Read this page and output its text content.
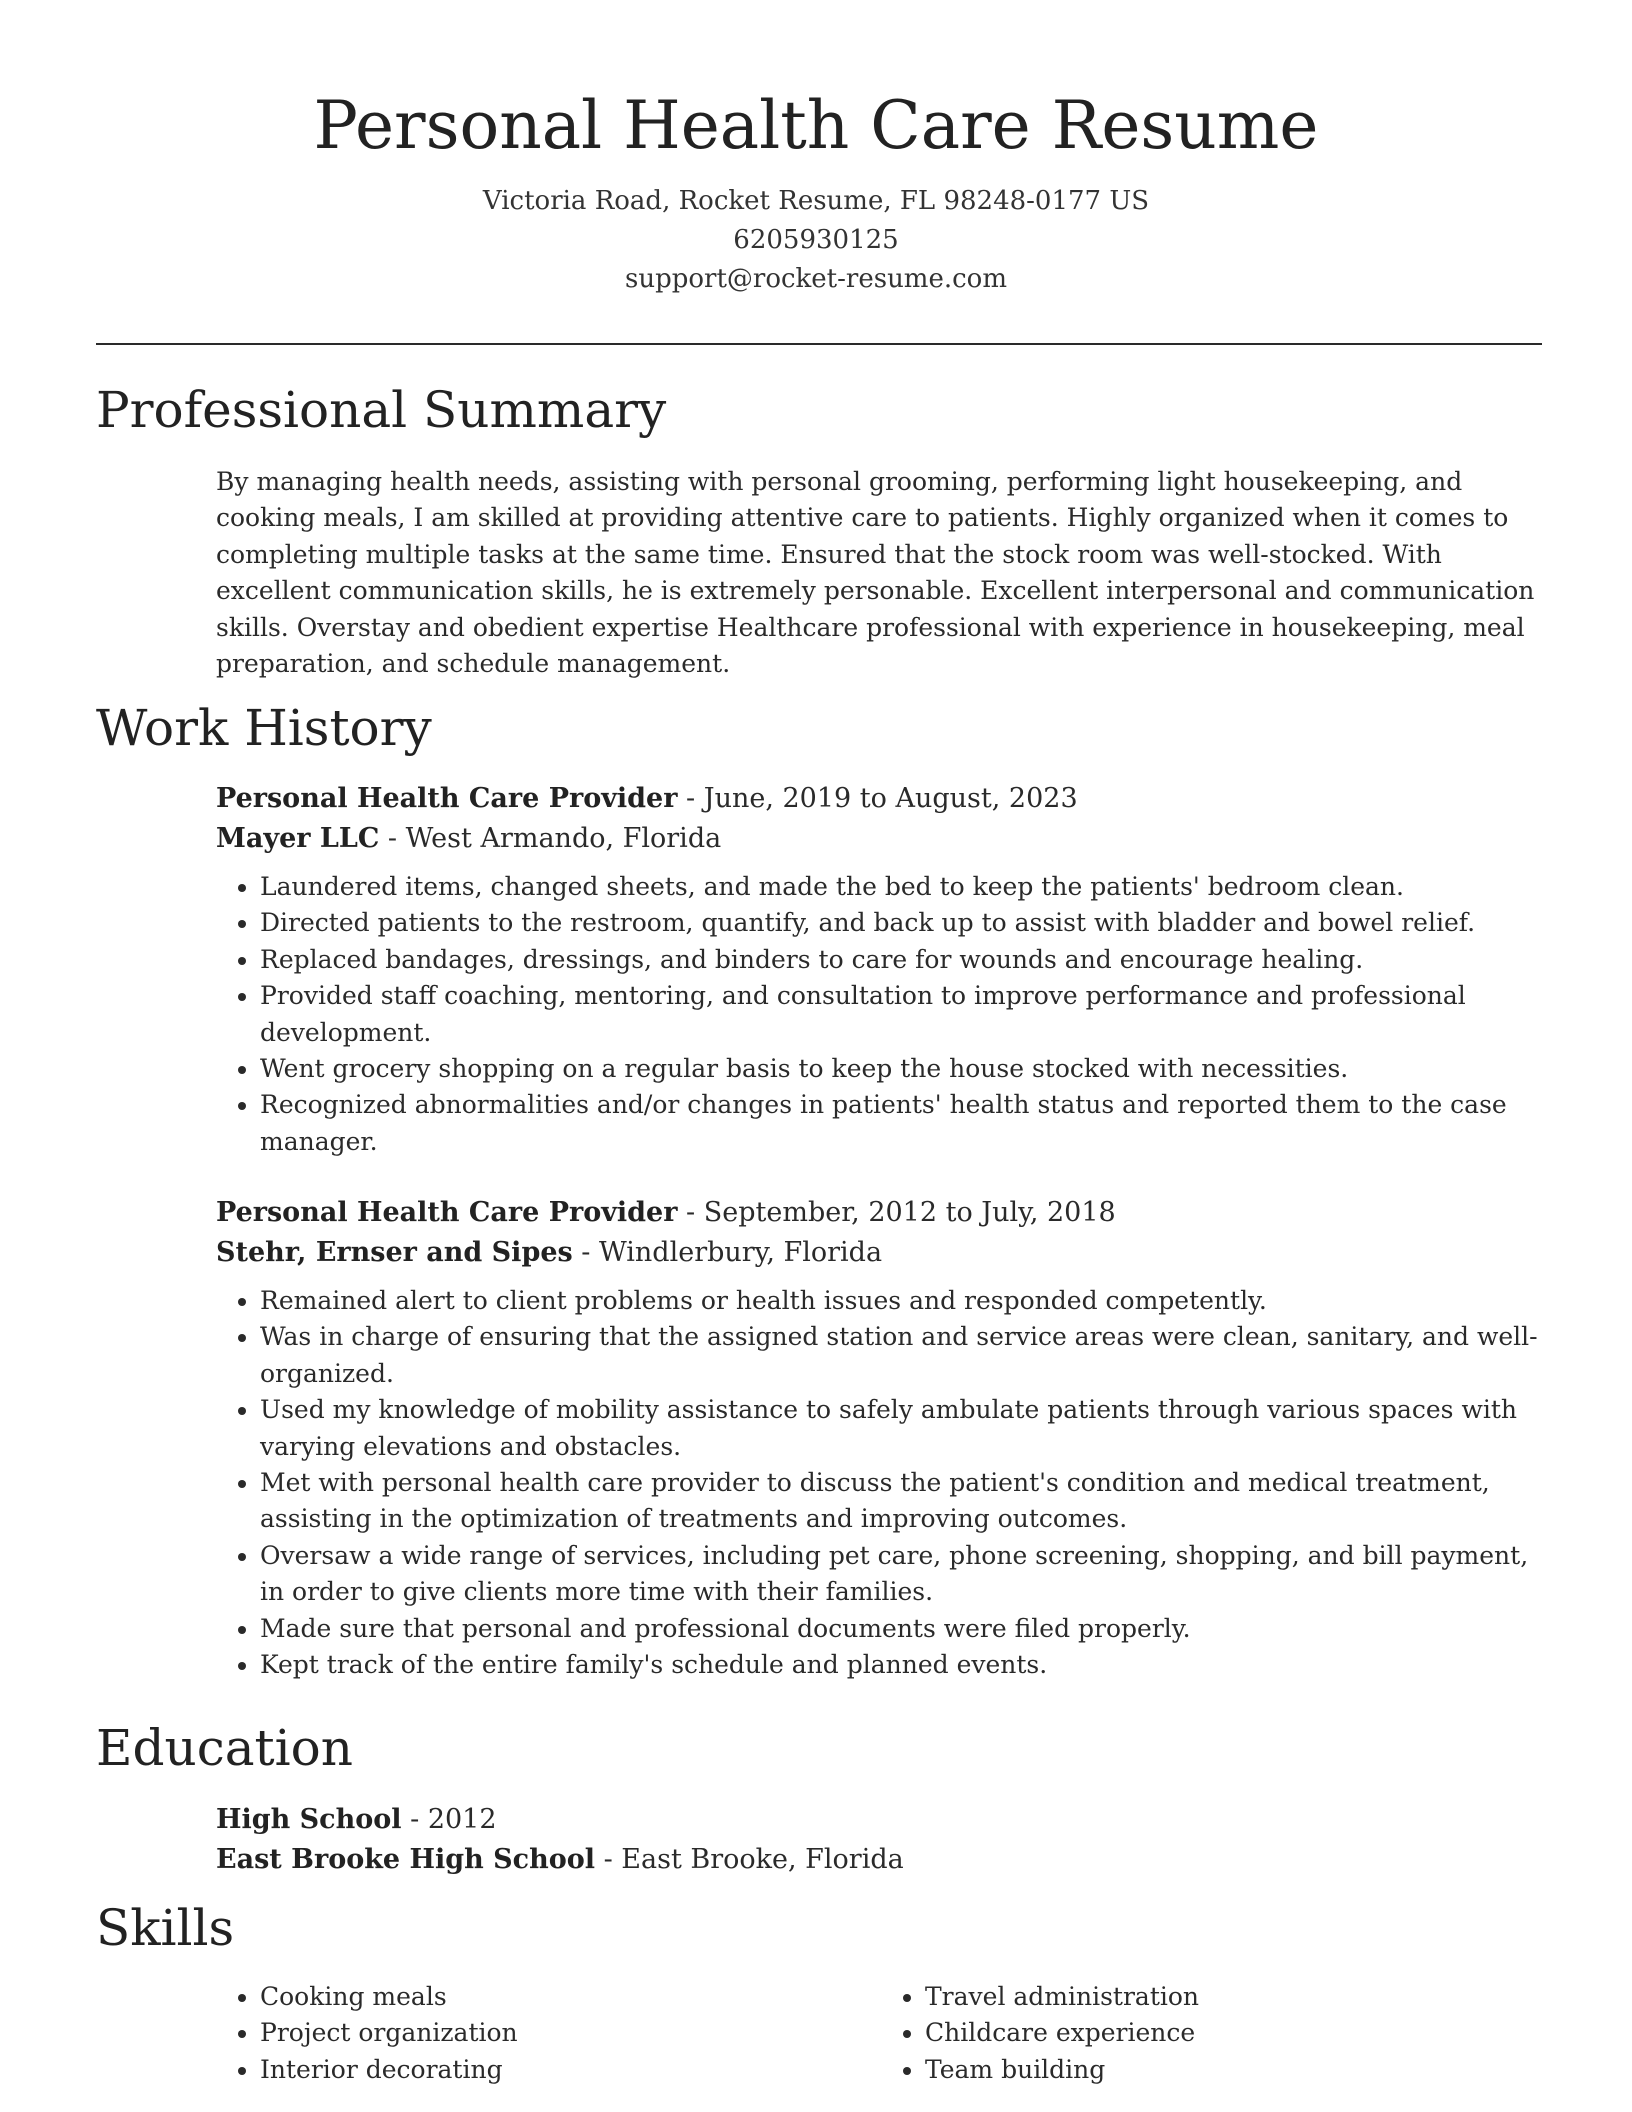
Personal Health Care Resume
Victoria Road, Rocket Resume, FL 98248-0177 US
6205930125
support@rocket-resume.com
Professional Summary
By managing health needs, assisting with personal grooming, performing light housekeeping, and cooking meals, I am skilled at providing attentive care to patients. Highly organized when it comes to completing multiple tasks at the same time. Ensured that the stock room was well-stocked. With excellent communication skills, he is extremely personable. Excellent interpersonal and communication skills. Overstay and obedient expertise Healthcare professional with experience in housekeeping, meal preparation, and schedule management.
Work History
Personal Health Care Provider - June, 2019 to August, 2023
Mayer LLC - West Armando, Florida
• Laundered items, changed sheets, and made the bed to keep the patients' bedroom clean.
• Directed patients to the restroom, quantify, and back up to assist with bladder and bowel relief.
• Replaced bandages, dressings, and binders to care for wounds and encourage healing.
• Provided staff coaching, mentoring, and consultation to improve performance and professional development.
• Went grocery shopping on a regular basis to keep the house stocked with necessities.
• Recognized abnormalities and/or changes in patients' health status and reported them to the case manager.
Personal Health Care Provider - September, 2012 to July, 2018
Stehr, Ernser and Sipes - Windlerbury, Florida
• Remained alert to client problems or health issues and responded competently.
• Was in charge of ensuring that the assigned station and service areas were clean, sanitary, and well-organized.
• Used my knowledge of mobility assistance to safely ambulate patients through various spaces with varying elevations and obstacles.
• Met with personal health care provider to discuss the patient's condition and medical treatment, assisting in the optimization of treatments and improving outcomes.
• Oversaw a wide range of services, including pet care, phone screening, shopping, and bill payment, in order to give clients more time with their families.
• Made sure that personal and professional documents were filed properly.
• Kept track of the entire family's schedule and planned events.
Education
High School - 2012
East Brooke High School - East Brooke, Florida
Skills
• Cooking meals
• Project organization
• Interior decorating
• Travel administration
• Childcare experience
• Team building
